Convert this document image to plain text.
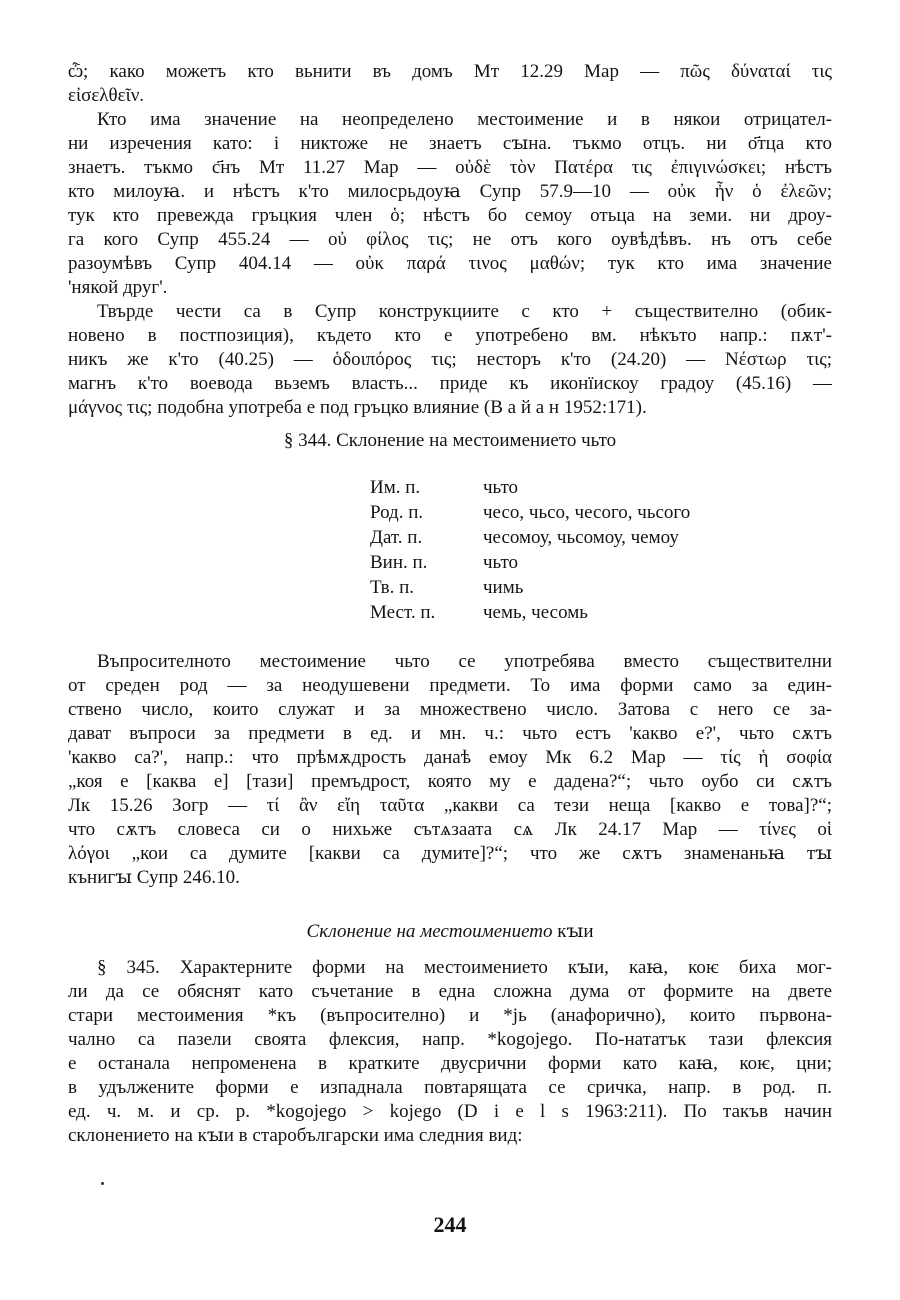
ѽ; како можетъ кто вьнити въ домъ Мт 12.29 Мар — πῶς δύναταί τις
εἰσελθεῖν.
Кто има значение на неопределено местоимение и в някои отрицател-
ни изречения като: і никтоже не знаетъ сꙑна. тъкмо отцъ. ни о҃тца кто
знаетъ. тъкмо с҃нъ Мт 11.27 Мар — οὐδὲ τὸν Πατέρα τις ἐπιγινώσκει; нѣстъ
кто милоуꙗ. и нѣстъ к'то милосрьдоуꙗ Супр 57.9—10 — οὐκ ἦν ὁ ἐλεῶν;
тук кто превежда гръцкия член ὁ; нѣстъ бо семоу отьца на земи. ни дроу-
га кого Супр 455.24 — οὐ φίλος τις; не отъ кого оувѣдѣвъ. нъ отъ себе
разоумѣвъ Супр 404.14 — οὐκ παρά τινος μαθών; тук кто има значение
'някой друг'.
Твърде чести са в Супр конструкциите с кто + съществително (обик-
новено в постпозиция), където кто е употребено вм. нѣкъто напр.: пѫт'-
никъ же к'то (40.25) — ὁδοιπόρος τις; несторъ к'то (24.20) — Νέστωρ τις;
магнъ к'то воевода вьземъ власть... приде къ иконїискоу градоу (45.16) —
μάγνος τις; подобна употреба е под гръцко влияние (В а й а н 1952:171).
§ 344. Склонение на местоимението чьто
Им. п.	чьто
Род. п.	чесо, чьсо, чесого, чьсого
Дат. п.	чесомоу, чьсомоу, чемоу
Вин. п.	чьто
Тв. п.	чимь
Мест. п.	чемь, чесомь
Въпросителното местоимение чьто се употребява вместо съществителни
от среден род — за неодушевени предмети. То има форми само за един-
ствено число, които служат и за множествено число. Затова с него се за-
дават въпроси за предмети в ед. и мн. ч.: чьто естъ 'какво е?', чьто сѫтъ
'какво са?', напр.: что прѣмѫдрость данаѣ емоу Мк 6.2 Мар — τίς ἡ σοφία
„коя е [каква е] [тази] премъдрост, която му е дадена?“; чьто оубо си сѫтъ
Лк 15.26 Зогр — τί ἂν εἴη ταῦτα „какви са тези неща [какво е това]?“;
что сѫтъ словеса си о нихьже сътѧзаата сѧ Лк 24.17 Мар — τίνες οἱ
λόγοι „кои са думите [какви са думите]?“; что же сѫтъ знаменаньꙗ тꙑ
кънигꙑ Супр 246.10.
Склонение на местоимението кꙑи
§ 345. Характерните форми на местоимението кꙑи, каꙗ, коѥ биха мог-
ли да се обяснят като съчетание в една сложна дума от формите на двете
стари местоимения *къ (въпросително) и *jь (анафорично), които първона-
чално са пазели своята флексия, напр. *kogojego. По-нататък тази флексия
е останала непроменена в кратките двусрични форми като каꙗ, коѥ, цни;
в удължените форми е изпаднала повтарящата се сричка, напр. в род. п.
ед. ч. м. и ср. р. *kogojego > kojego (D i e l s 1963:211). По такъв начин
склонението на кꙑи в старобългарски има следния вид:
244
